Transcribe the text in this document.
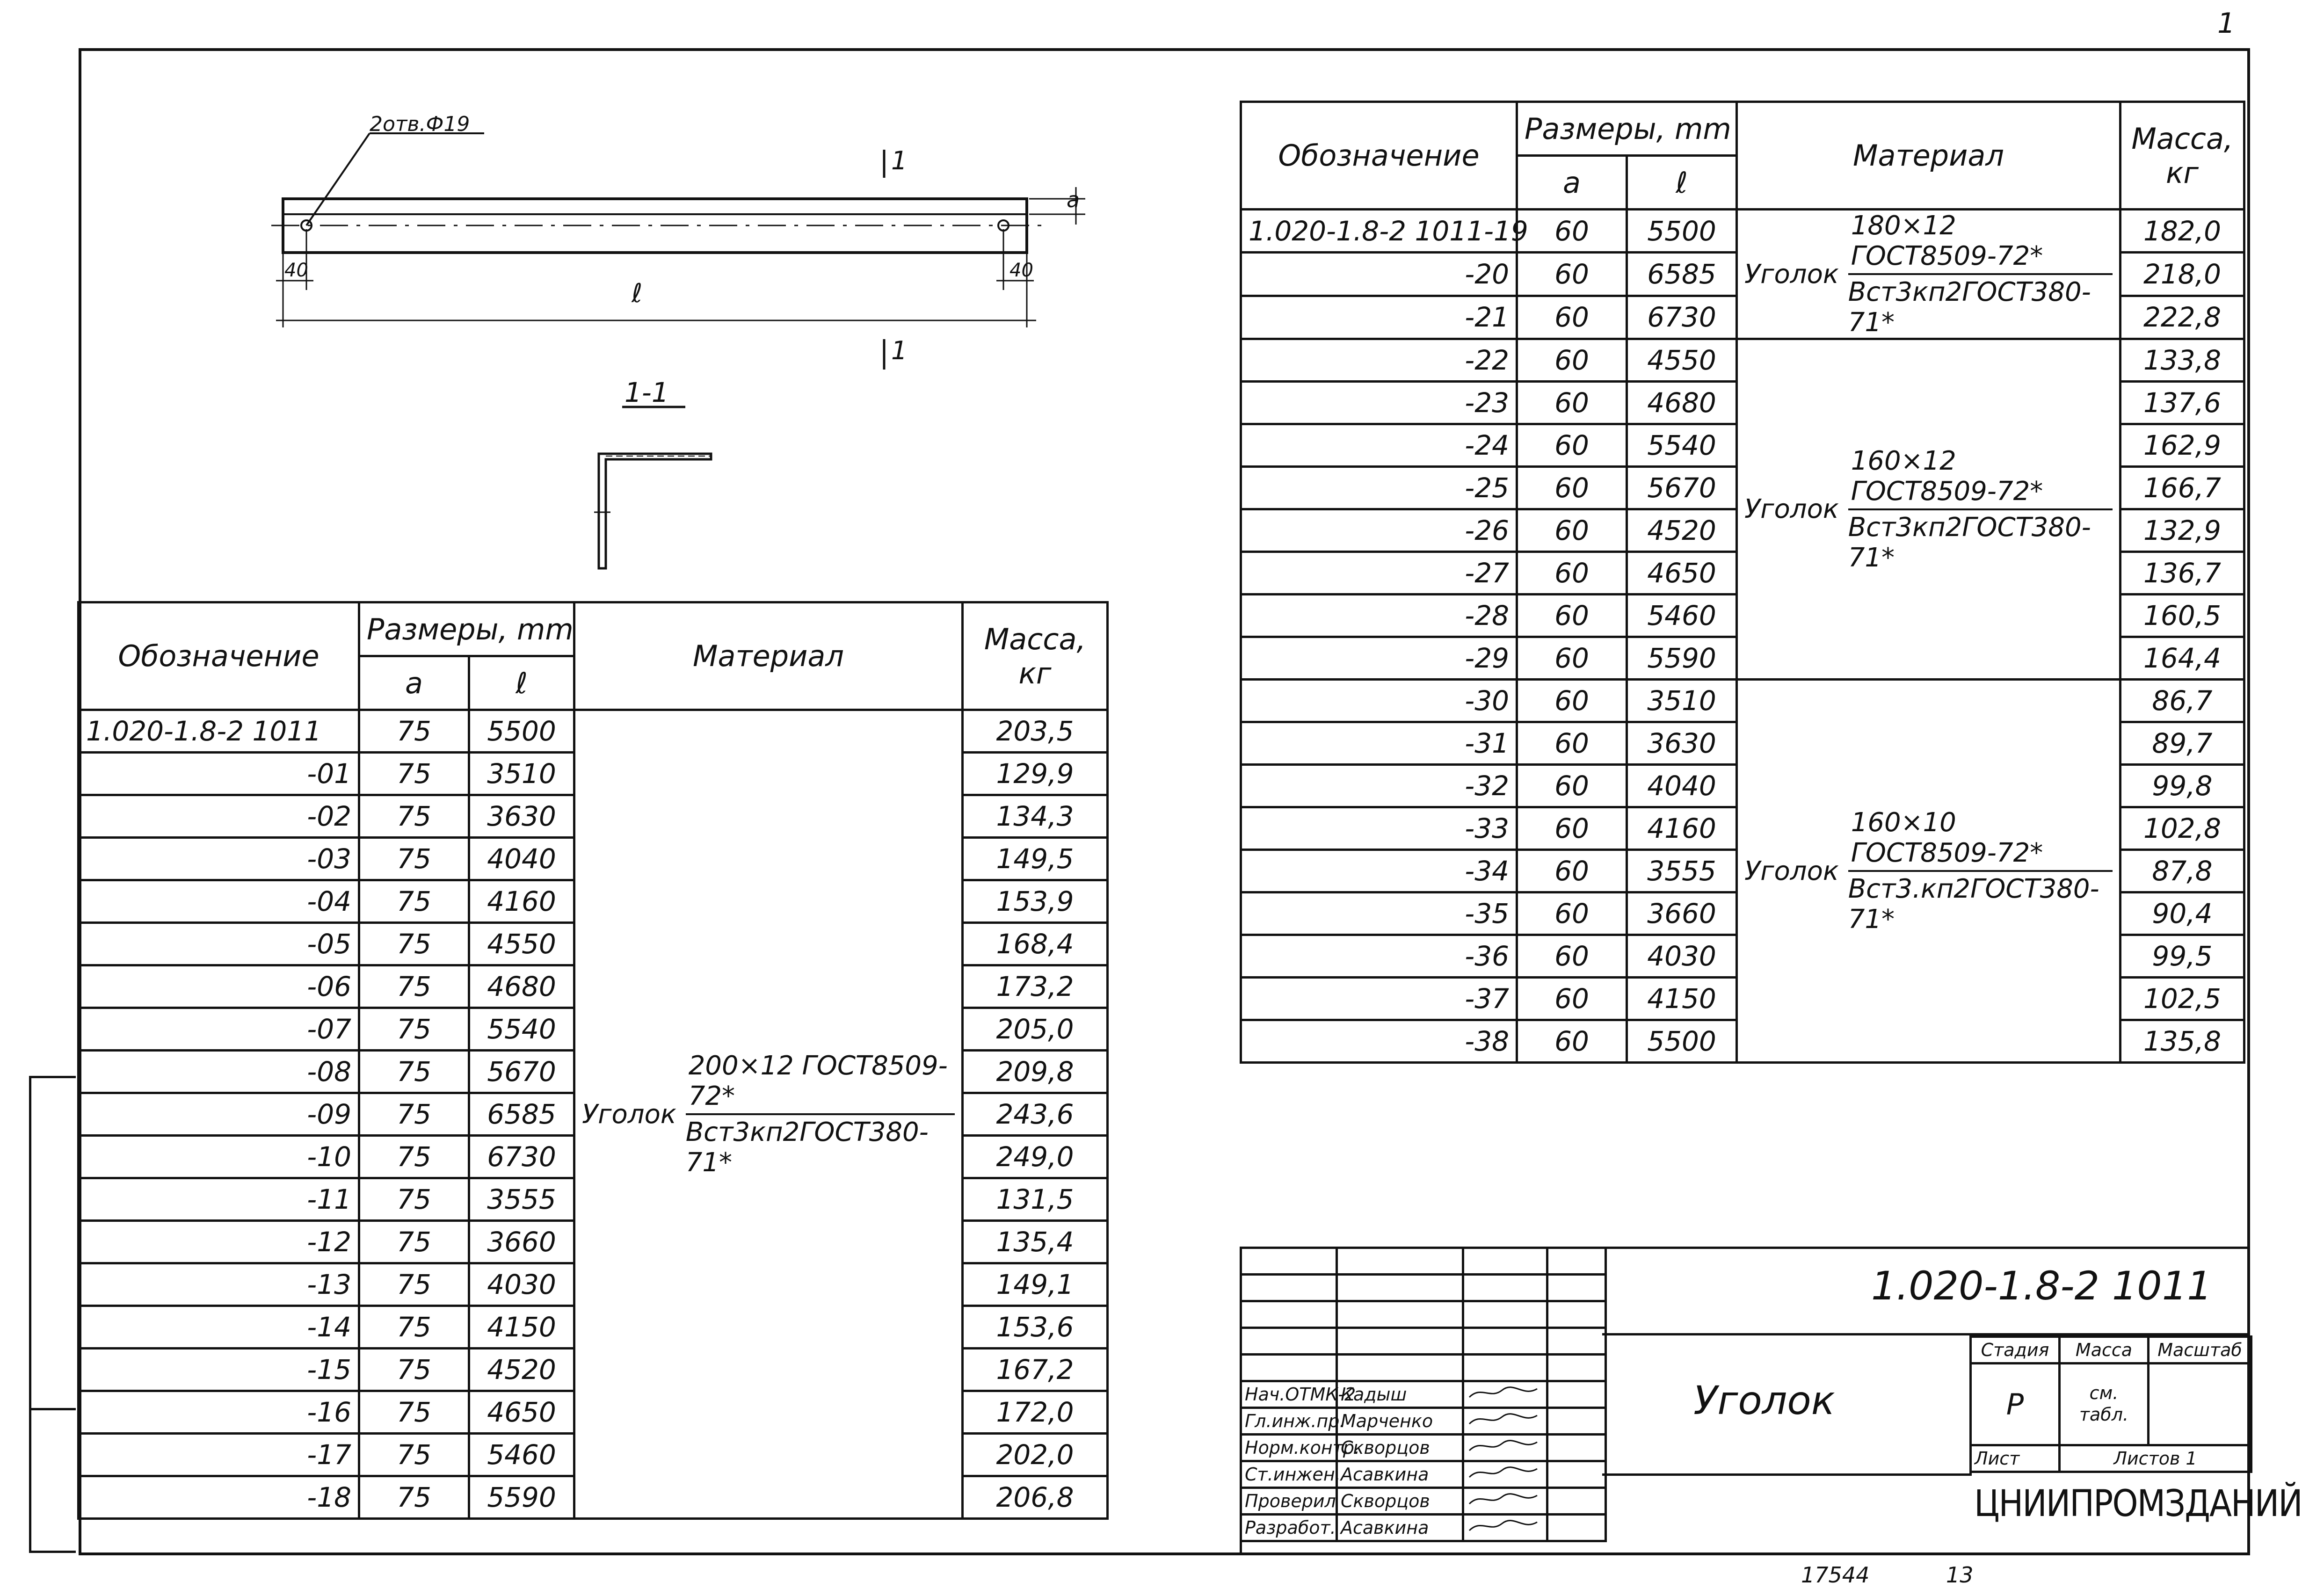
1
2отв.Ф19
1
1
a
40	40
ℓ
1-1
Обозначение	Размеры, mm		Материал	Масса, кг
	a	ℓ		
1.020-1.8-2 1011	75	5500	Уголок $\frac{\text{200×12 ГОСТ8509-72*}}{\text{Вст3кп2ГОСТ380-71*}}$	203,5
-01	75	3510		129,9
-02	75	3630		134,3
-03	75	4040		149,5
-04	75	4160		153,9
-05	75	4550		168,4
-06	75	4680		173,2
-07	75	5540		205,0
-08	75	5670		209,8
-09	75	6585		243,6
-10	75	6730		249,0
-11	75	3555		131,5
-12	75	3660		135,4
-13	75	4030		149,1
-14	75	4150		153,6
-15	75	4520		167,2
-16	75	4650		172,0
-17	75	5460		202,0
-18	75	5590		206,8
Обозначение	Размеры, mm		Материал	Масса, кг
	a	ℓ		
1.020-1.8-2 1011-19	60	5500	Уголок $\frac{\text{180×12 ГОСТ8509-72*}}{\text{Вст3кп2ГОСТ380-71*}}$	182,0
-20	60	6585		218,0
-21	60	6730		222,8
-22	60	4550	Уголок $\frac{\text{160×12 ГОСТ8509-72*}}{\text{Вст3кп2ГОСТ380-71*}}$	133,8
-23	60	4680		137,6
-24	60	5540		162,9
-25	60	5670		166,7
-26	60	4520		132,9
-27	60	4650		136,7
-28	60	5460		160,5
-29	60	5590		164,4
-30	60	3510	Уголок $\frac{\text{160×10 ГОСТ8509-72*}}{\text{Вст3.кп2ГОСТ380-71*}}$	86,7
-31	60	3630		89,7
-32	60	4040		99,8
-33	60	4160		102,8
-34	60	3555		87,8
-35	60	3660		90,4
-36	60	4030		99,5
-37	60	4150		102,5
-38	60	5500		135,8

Нач.ОТМК-2	Кадыш		
Гл.инж.пр.	Марченко		
Норм.контр.	Скворцов		
Ст.инжен.	Асавкина		
Проверил	Скворцов		
Разработ.	Асавкина		
1.020-1.8-2 1011
Уголок
Стадия	Масса	Масштаб
Р	см.
табл.	
Лист	Листов 1	
ЦНИИПРОМЗДАНИЙ
17544	13
